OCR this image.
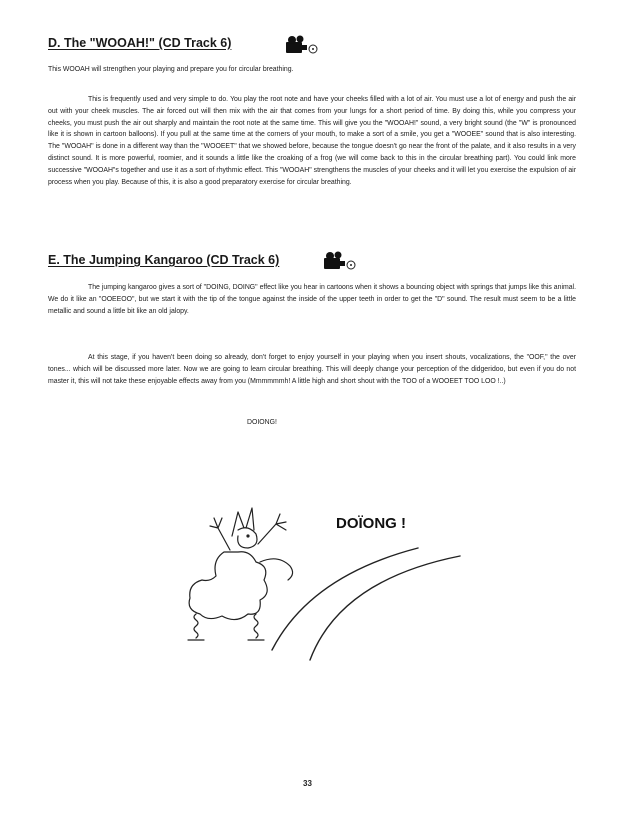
D. The "WOOAH!" (CD Track 6)
This WOOAH will strengthen your playing and prepare you for circular breathing.

This is frequently used and very simple to do. You play the root note and have your cheeks filled with a lot of air. You must use a lot of energy and push the air out with your cheek muscles. The air forced out will then mix with the air that comes from your lungs for a short period of time. By doing this, while you compress your cheeks, you must push the air out sharply and maintain the root note at the same time. This will give you the "WOOAH!" sound, a very bright sound (the "W" is pronounced like it is shown in cartoon balloons). If you pull at the same time at the corners of your mouth, to make a sort of a smile, you get a "WOOEE" sound that is also interesting. The "WOOAH" is done in a different way than the "WOOEET" that we showed before, because the tongue doesn't go near the front of the palate, and it also results in a very distinct sound. It is more powerful, roomier, and it sounds a little like the croaking of a frog (we will come back to this in the circular breathing part). You could link more successive "WOOAH"s together and use it as a sort of rhythmic effect. This "WOOAH" strengthens the muscles of your cheeks and it will let you exercise the expulsion of air process when you play. Because of this, it is also a good preparatory exercise for circular breathing.

E. The Jumping Kangaroo (CD Track 6)

The jumping kangaroo gives a sort of "DOING, DOING" effect like you hear in cartoons when it shows a bouncing object with springs that jumps like this animal. We do it like an "OOEEOO", but we start it with the tip of the tongue against the inside of the upper teeth in order to get the "D" sound. The result must seem to be a little metallic and sound a little bit like an old jalopy.

At this stage, if you haven't been doing so already, don't forget to enjoy yourself in your playing when you insert shouts, vocalizations, the "OOF," the over tones... which will be discussed more later. Now we are going to learn circular breathing. This will deeply change your perception of the didgeridoo, but even if you do not master it, this will not take these enjoyable effects away from you (Mmmmmmh! A little high and short shout with the TOO of a WOOEET TOO LOO !..)

DOIONG!
DOÏONG !
33
